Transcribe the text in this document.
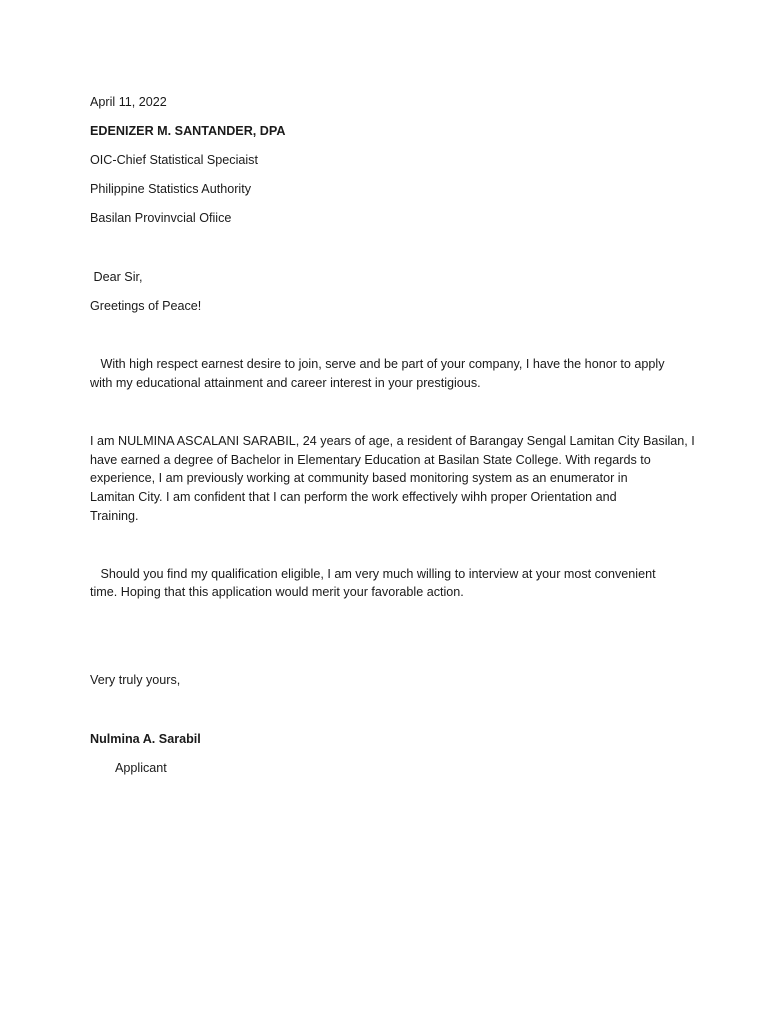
April 11, 2022
EDENIZER M. SANTANDER, DPA
OIC-Chief Statistical Speciaist
Philippine Statistics Authority
Basilan Provinvcial Ofiice
Dear Sir,
Greetings of Peace!
With high respect earnest desire to join, serve and be part of your company, I have the honor to apply
with my educational attainment and career interest in your prestigious.
I am NULMINA ASCALANI SARABIL, 24 years of age, a resident of Barangay Sengal Lamitan City Basilan, I
have earned a degree of Bachelor in Elementary Education at Basilan State College. With regards to
experience, I am previously working at community based monitoring system as an enumerator in
Lamitan City. I am confident that I can perform the work effectively wihh proper Orientation and
Training.
Should you find my qualification eligible, I am very much willing to interview at your most convenient
time. Hoping that this application would merit your favorable action.
Very truly yours,
Nulmina A. Sarabil
Applicant
